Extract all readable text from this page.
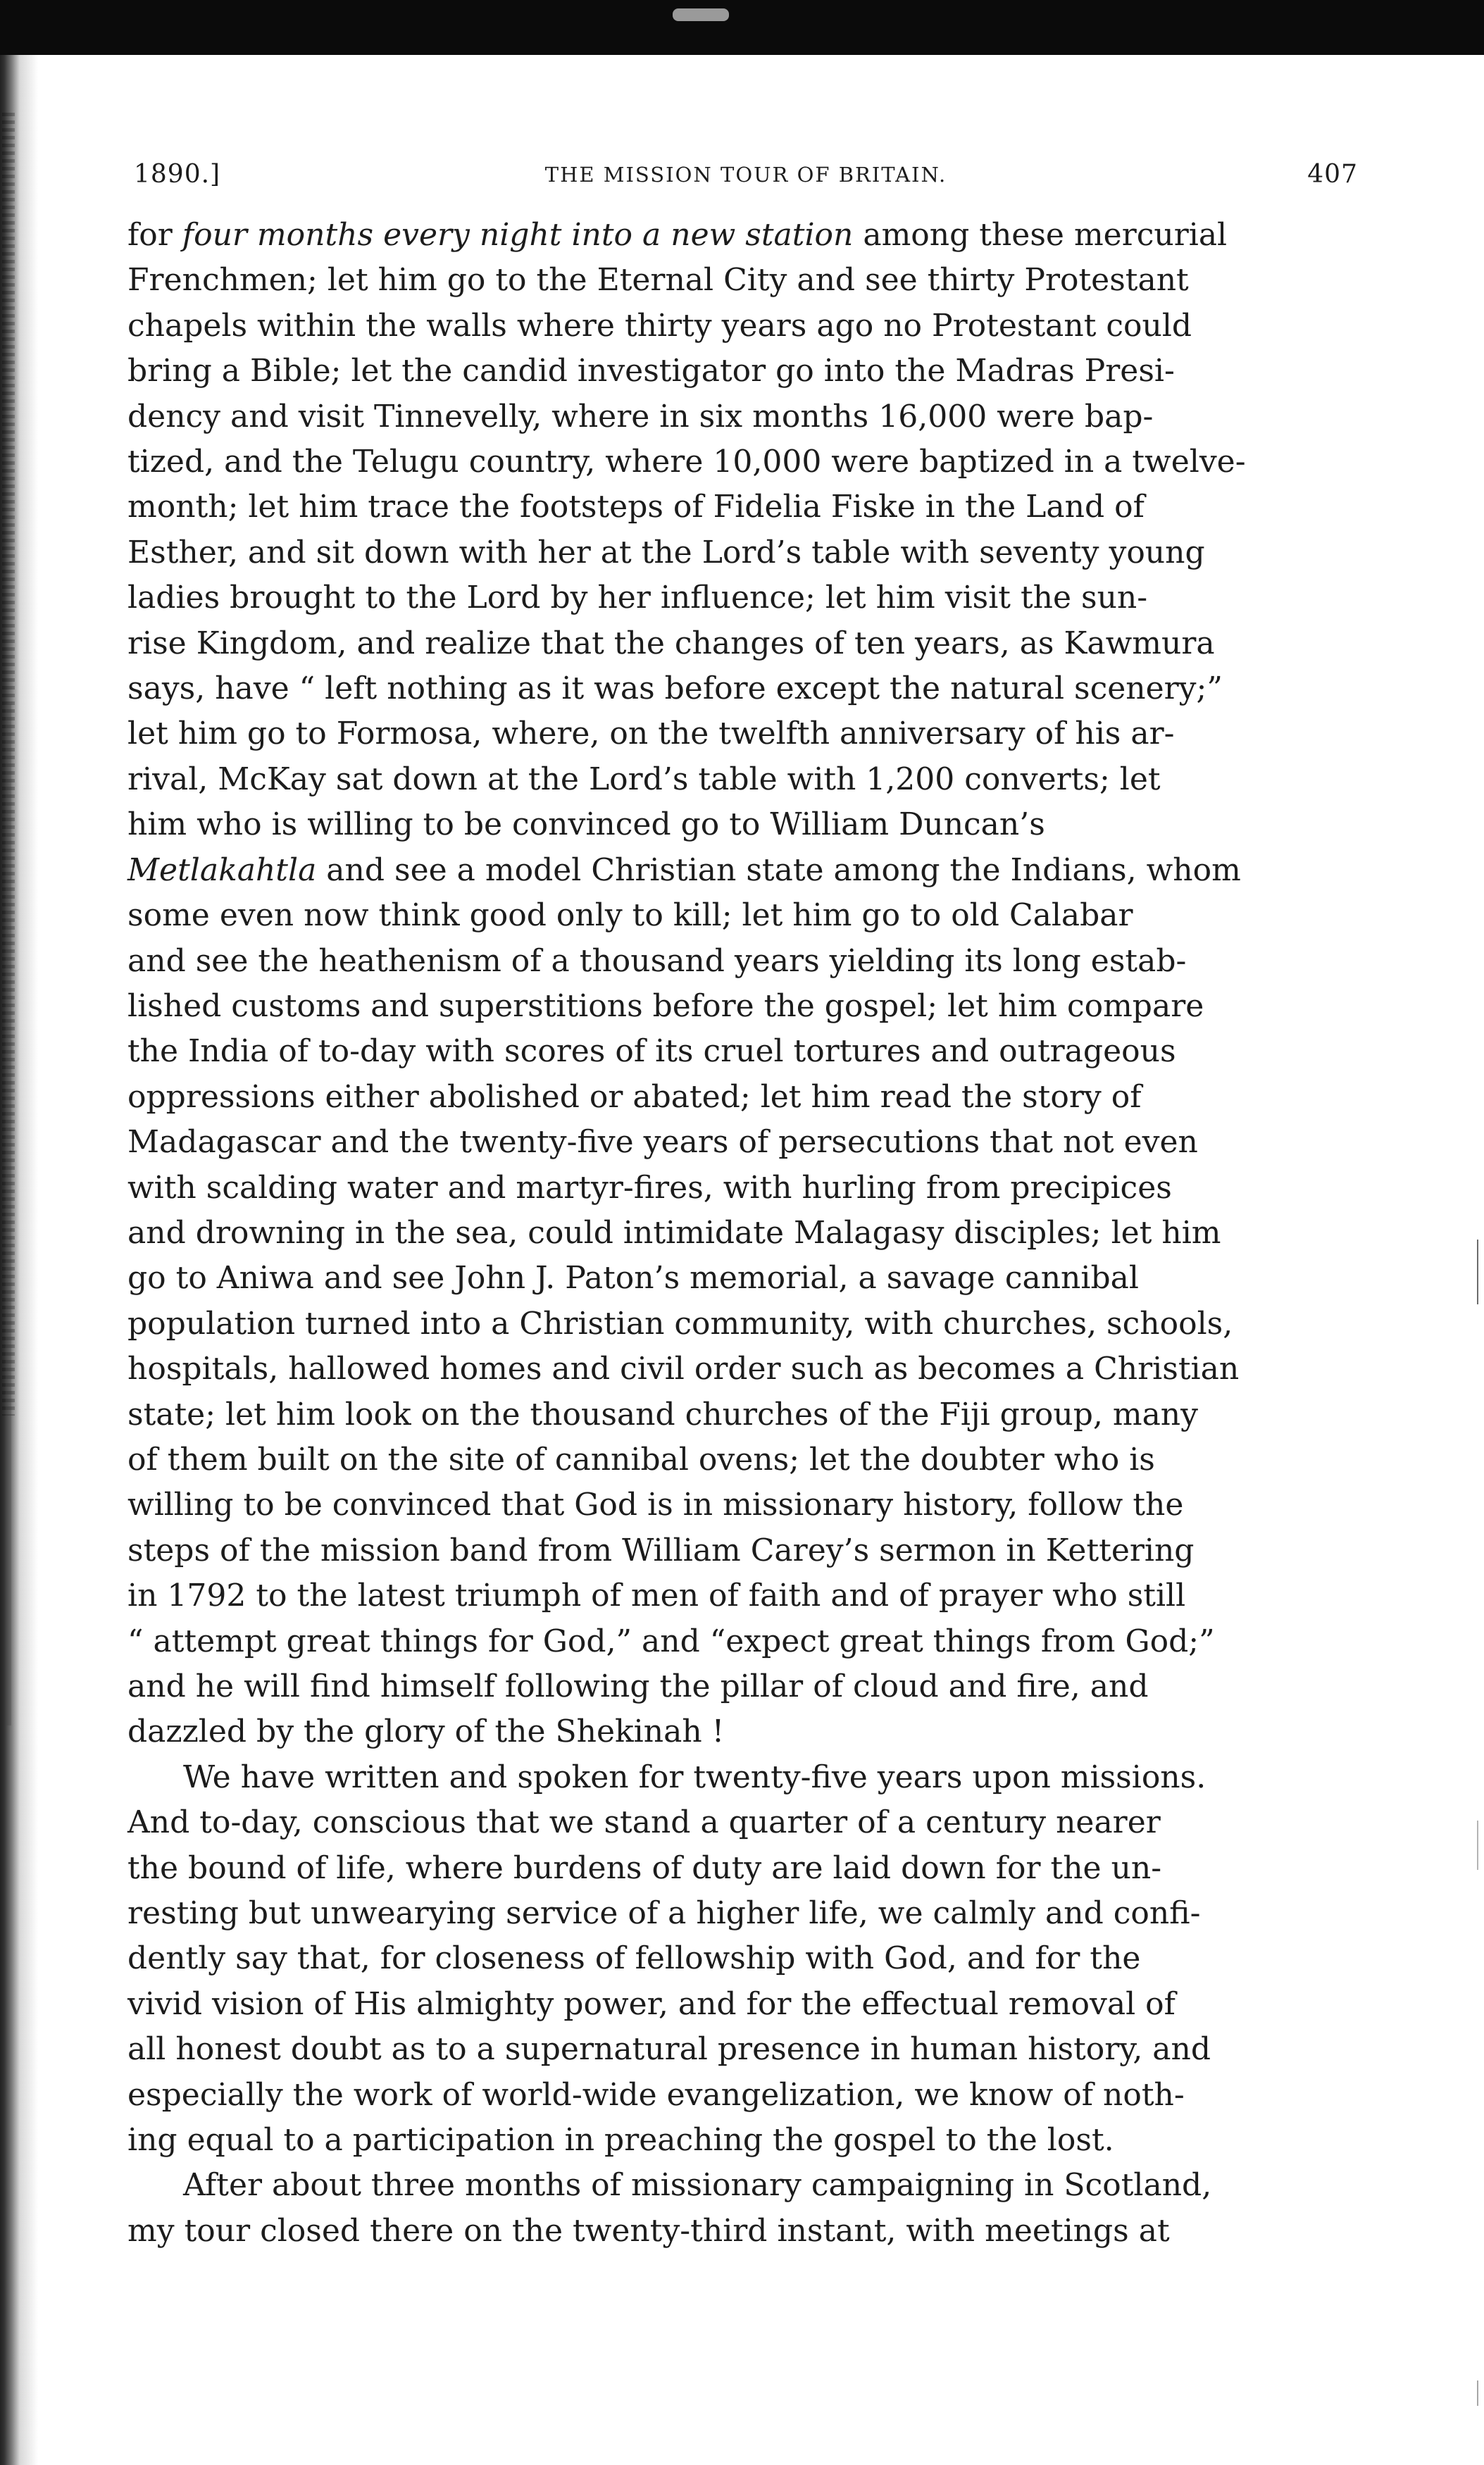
1890.]	THE MISSION TOUR OF BRITAIN.	407
for four months every night into a new station among these mercurial
Frenchmen; let him go to the Eternal City and see thirty Protestant
chapels within the walls where thirty years ago no Protestant could
bring a Bible; let the candid investigator go into the Madras Presi-
dency and visit Tinnevelly, where in six months 16,000 were bap-
tized, and the Telugu country, where 10,000 were baptized in a twelve-
month; let him trace the footsteps of Fidelia Fiske in the Land of
Esther, and sit down with her at the Lord’s table with seventy young
ladies brought to the Lord by her influence; let him visit the sun-
rise Kingdom, and realize that the changes of ten years, as Kawmura
says, have “ left nothing as it was before except the natural scenery;”
let him go to Formosa, where, on the twelfth anniversary of his ar-
rival, McKay sat down at the Lord’s table with 1,200 converts; let
him who is willing to be convinced go to William Duncan’s
Metlakahtla and see a model Christian state among the Indians, whom
some even now think good only to kill; let him go to old Calabar
and see the heathenism of a thousand years yielding its long estab-
lished customs and superstitions before the gospel; let him compare
the India of to-day with scores of its cruel tortures and outrageous
oppressions either abolished or abated; let him read the story of
Madagascar and the twenty-five years of persecutions that not even
with scalding water and martyr-fires, with hurling from precipices
and drowning in the sea, could intimidate Malagasy disciples; let him
go to Aniwa and see John J. Paton’s memorial, a savage cannibal
population turned into a Christian community, with churches, schools,
hospitals, hallowed homes and civil order such as becomes a Christian
state; let him look on the thousand churches of the Fiji group, many
of them built on the site of cannibal ovens; let the doubter who is
willing to be convinced that God is in missionary history, follow the
steps of the mission band from William Carey’s sermon in Kettering
in 1792 to the latest triumph of men of faith and of prayer who still
“ attempt great things for God,” and “expect great things from God;”
and he will find himself following the pillar of cloud and fire, and
dazzled by the glory of the Shekinah !
We have written and spoken for twenty-five years upon missions.
And to-day, conscious that we stand a quarter of a century nearer
the bound of life, where burdens of duty are laid down for the un-
resting but unwearying service of a higher life, we calmly and confi-
dently say that, for closeness of fellowship with God, and for the
vivid vision of His almighty power, and for the effectual removal of
all honest doubt as to a supernatural presence in human history, and
especially the work of world-wide evangelization, we know of noth-
ing equal to a participation in preaching the gospel to the lost.
After about three months of missionary campaigning in Scotland,
my tour closed there on the twenty-third instant, with meetings at
